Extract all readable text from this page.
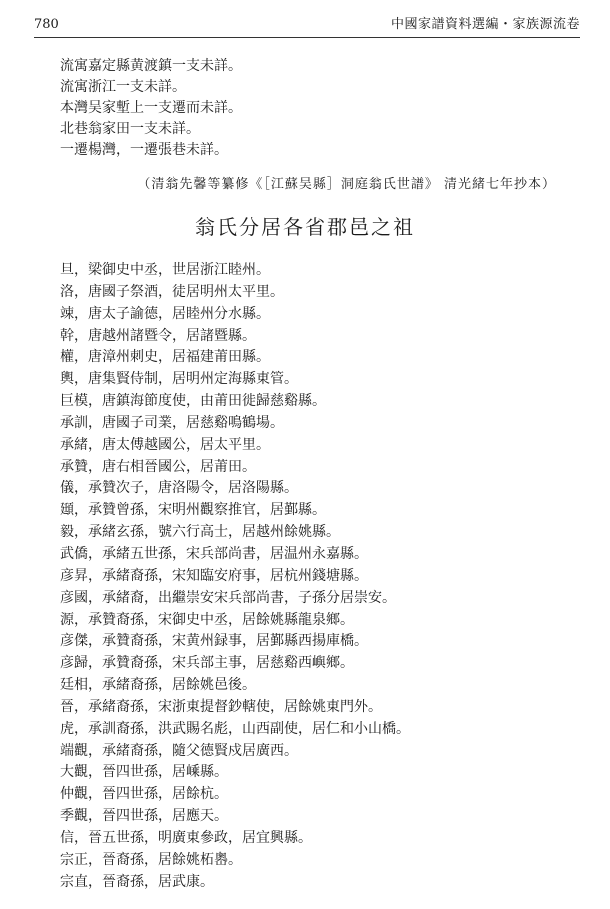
780	中國家譜資料選編・家族源流卷
流寓嘉定縣黄渡鎮一支未詳。
流寓浙江一支未詳。
本灣吴家塹上一支遷而未詳。
北巷翁家田一支未詳。
一遷楊灣，一遷張巷未詳。
（清翁先馨等纂修《［江蘇吴縣］洞庭翁氏世譜》 清光緒七年抄本）
翁氏分居各省郡邑之祖
旦，梁御史中丞，世居浙江睦州。
洛，唐國子祭酒，徒居明州太平里。
竦，唐太子諭德，居睦州分水縣。
幹，唐越州諸暨令，居諸暨縣。
權，唐漳州刺史，居福建莆田縣。
輿，唐集賢侍制，居明州定海縣東管。
巨模，唐鎮海節度使，由莆田徙歸慈谿縣。
承訓，唐國子司業，居慈谿鳴鶴場。
承緒，唐太傅越國公，居太平里。
承贊，唐右相晉國公，居莆田。
儀，承贊次子，唐洛陽令，居洛陽縣。
頲，承贊曾孫，宋明州觀察推官，居鄞縣。
毅，承緒玄孫，號六行高士，居越州餘姚縣。
武僑，承緒五世孫，宋兵部尚書，居温州永嘉縣。
彦昇，承緒裔孫，宋知臨安府事，居杭州錢塘縣。
彦國，承緒裔，出繼崇安宋兵部尚書，子孫分居崇安。
源，承贊裔孫，宋御史中丞，居餘姚縣龍泉鄉。
彦傑，承贊裔孫，宋黄州録事，居鄞縣西揚庫橋。
彦歸，承贊裔孫，宋兵部主事，居慈谿西嶼鄉。
廷相，承緒裔孫，居餘姚邑後。
晉，承緒裔孫，宋浙東提督鈔轄使，居餘姚東門外。
虎，承訓裔孫，洪武賜名彪，山西副使，居仁和小山橋。
端觀，承緒裔孫，隨父德賢戍居廣西。
大觀，晉四世孫，居嵊縣。
仲觀，晉四世孫，居餘杭。
季觀，晉四世孫，居應天。
信，晉五世孫，明廣東參政，居宜興縣。
宗正，晉裔孫，居餘姚柘嶴。
宗直，晉裔孫，居武康。
